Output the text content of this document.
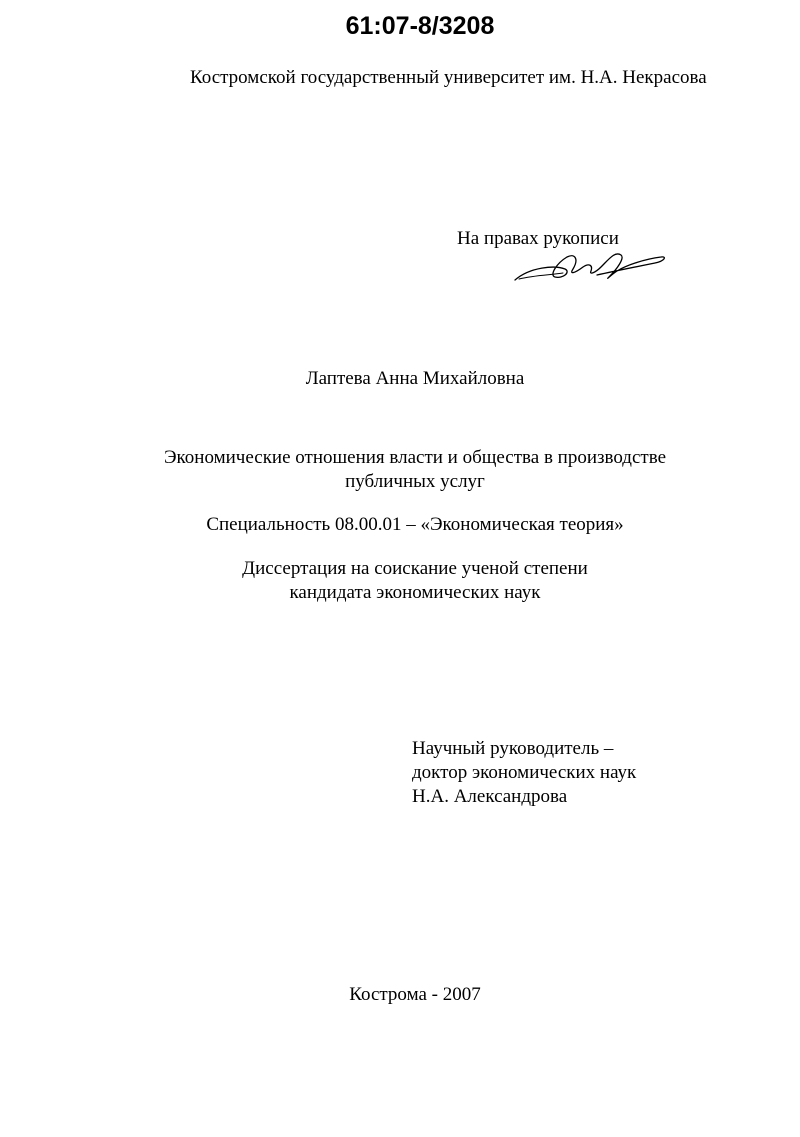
61:07-8/3208
Костромской государственный университет им. Н.А. Некрасова
На правах рукописи
Лаптева Анна Михайловна
Экономические отношения власти и общества в производстве
публичных услуг
Специальность 08.00.01 – «Экономическая теория»
Диссертация на соискание ученой степени
кандидата экономических наук
Научный руководитель –
доктор экономических наук
Н.А. Александрова
Кострома - 2007
